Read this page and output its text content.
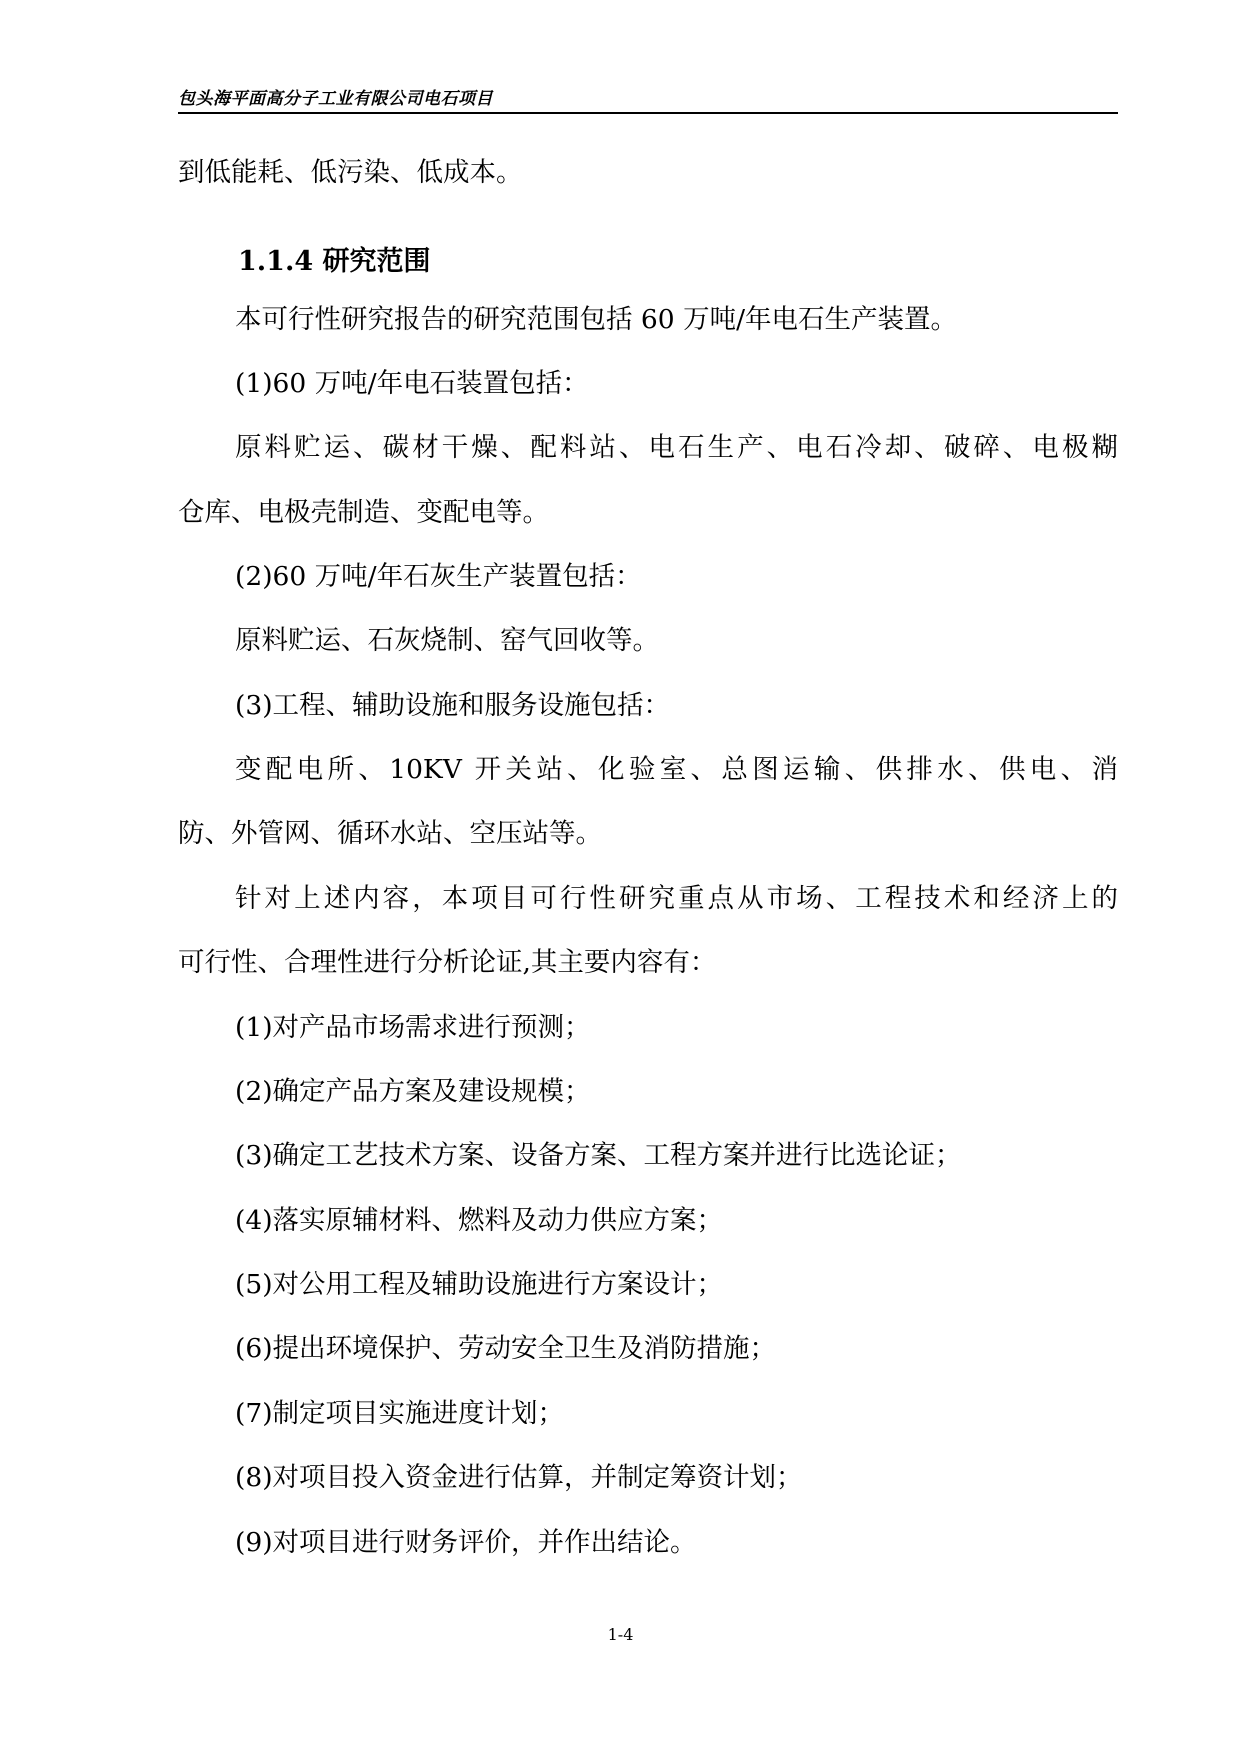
包头海平面高分子工业有限公司电石项目
到低能耗、低污染、低成本。
1.1.4 研究范围
本可行性研究报告的研究范围包括 60 万吨/年电石生产装置。
(1)60 万吨/年电石装置包括：
原料贮运、碳材干燥、配料站、电石生产、电石冷却、破碎、电极糊
仓库、电极壳制造、变配电等。
(2)60 万吨/年石灰生产装置包括：
原料贮运、石灰烧制、窑气回收等。
(3)工程、辅助设施和服务设施包括：
变配电所、10KV 开关站、化验室、总图运输、供排水、供电、消
防、外管网、循环水站、空压站等。
针对上述内容，本项目可行性研究重点从市场、工程技术和经济上的
可行性、合理性进行分析论证,其主要内容有：
(1)对产品市场需求进行预测；
(2)确定产品方案及建设规模；
(3)确定工艺技术方案、设备方案、工程方案并进行比选论证；
(4)落实原辅材料、燃料及动力供应方案；
(5)对公用工程及辅助设施进行方案设计；
(6)提出环境保护、劳动安全卫生及消防措施；
(7)制定项目实施进度计划；
(8)对项目投入资金进行估算，并制定筹资计划；
(9)对项目进行财务评价，并作出结论。
1-4
